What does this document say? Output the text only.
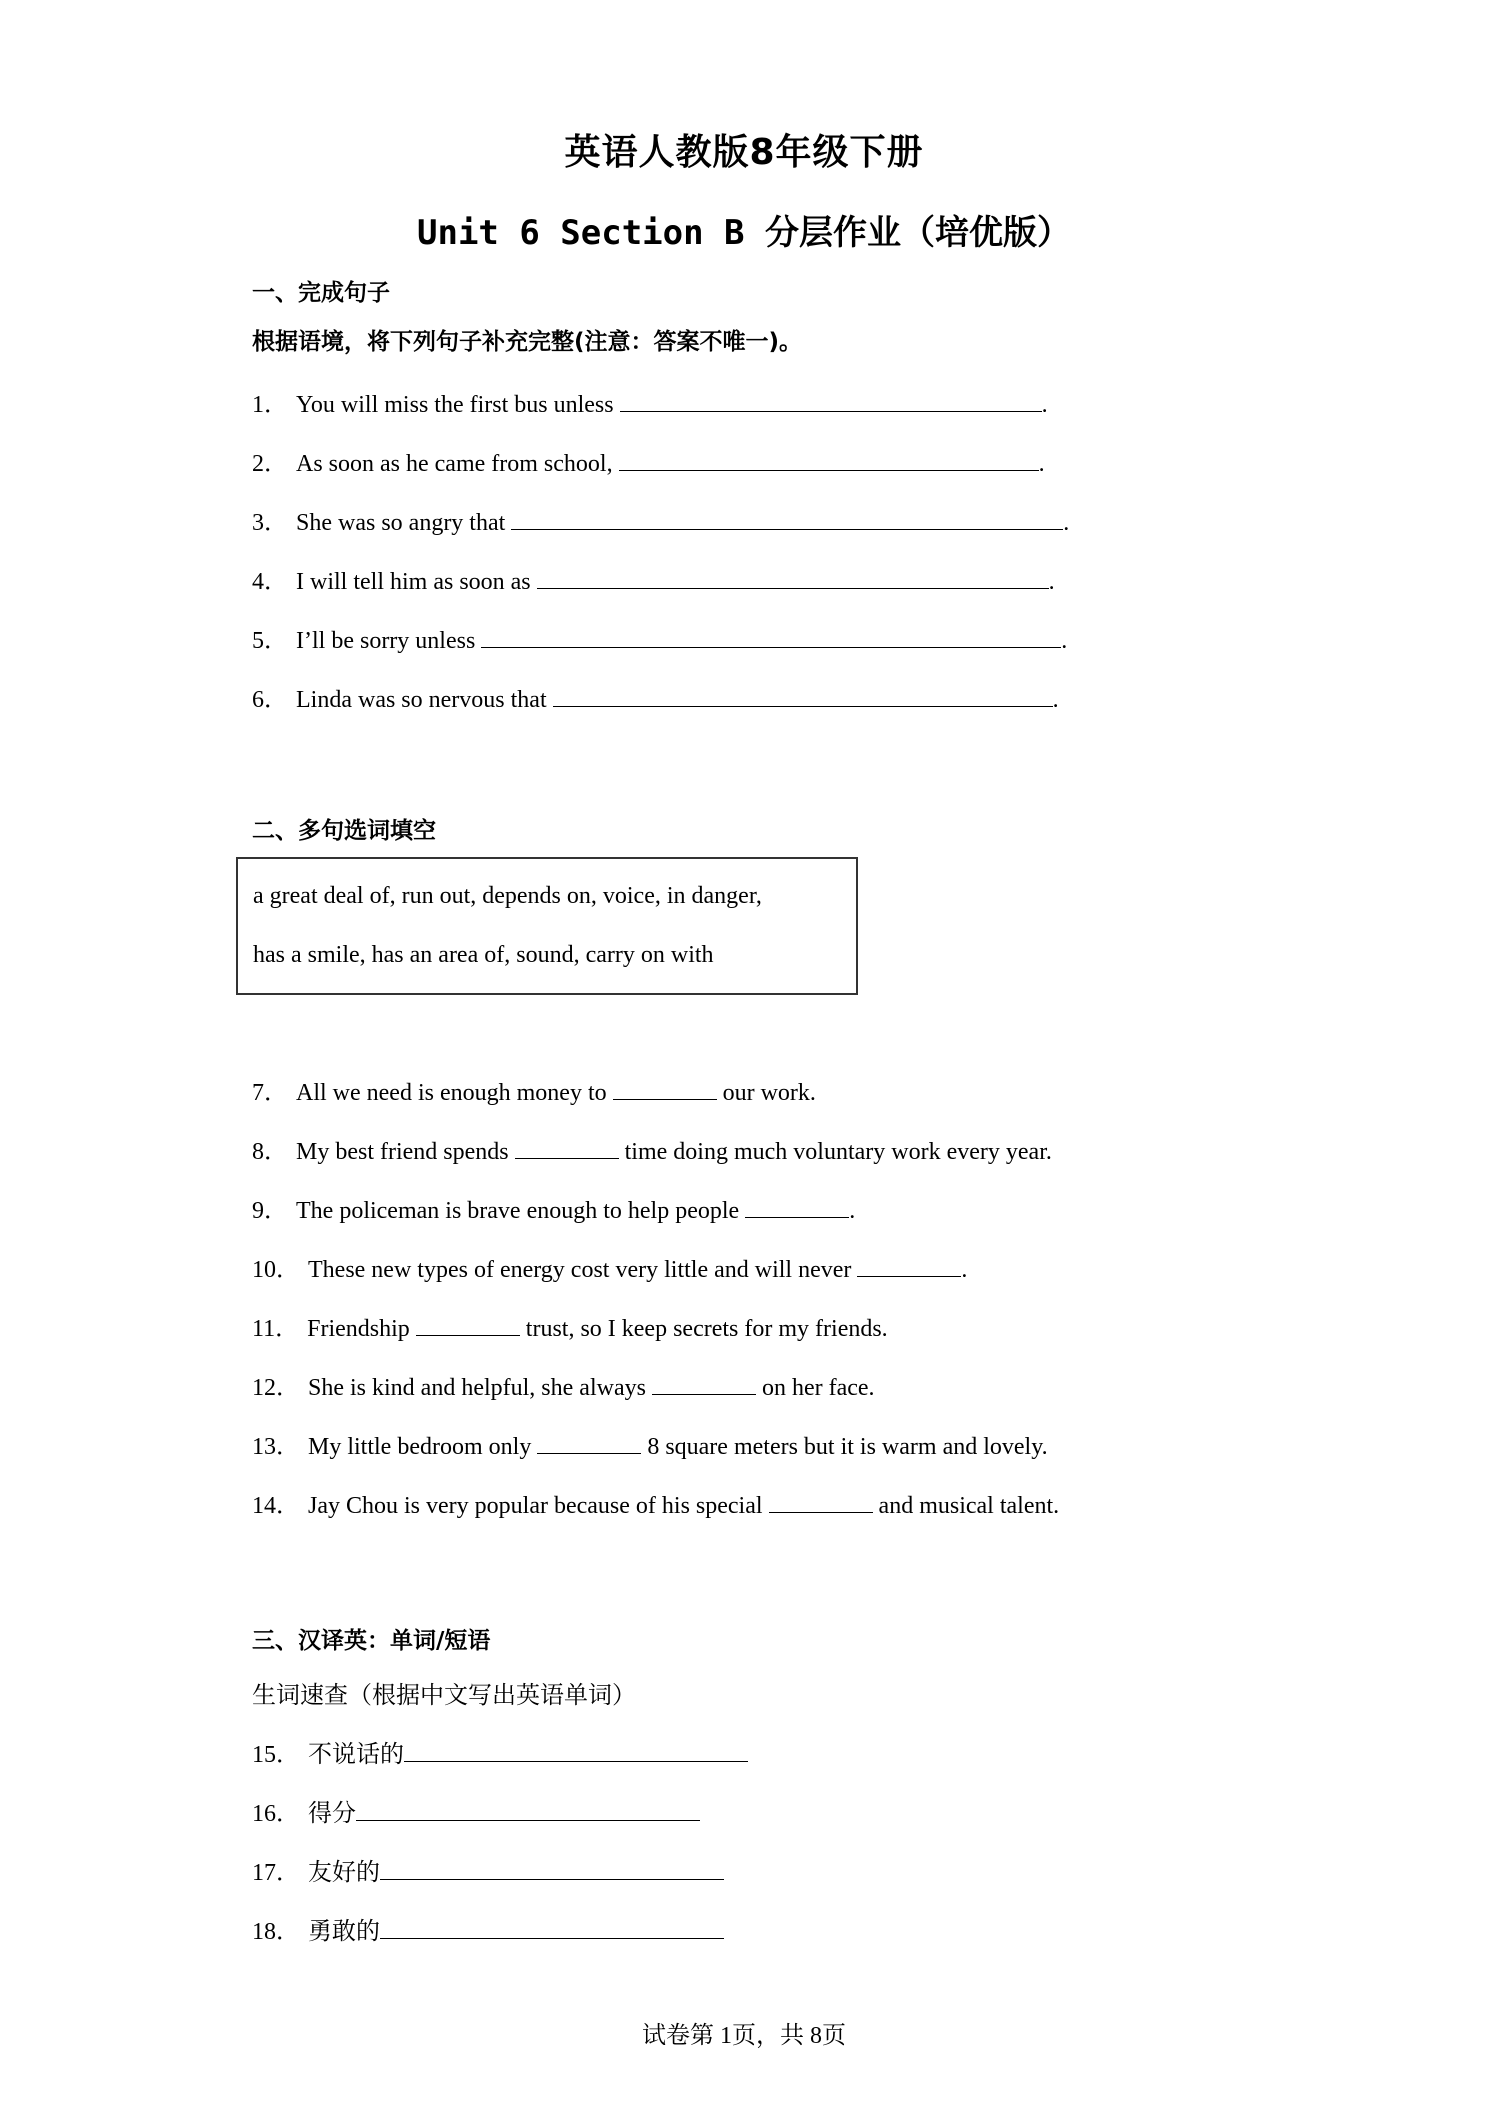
英语人教版8年级下册
Unit 6 Section B 分层作业（培优版）
一、完成句子
根据语境，将下列句子补充完整(注意：答案不唯一)。
1． You will miss the first bus unless	.
2． As soon as he came from school,	.
3． She was so angry that	.
4． I will tell him as soon as	.
5． I’ll be sorry unless	.
6． Linda was so nervous that	.
二、多句选词填空
a great deal of, run out, depends on, voice, in danger,
has a smile, has an area of, sound, carry on with
7． All we need is enough money to	our work.
8． My best friend spends	time doing much voluntary work every year.
9． The policeman is brave enough to help people	.
10． These new types of energy cost very little and will never	.
11． Friendship	trust, so I keep secrets for my friends.
12． She is kind and helpful, she always	on her face.
13． My little bedroom only	8 square meters but it is warm and lovely.
14． Jay Chou is very popular because of his special	and musical talent.
三、汉译英：单词/短语
生词速查（根据中文写出英语单词）
15． 不说话的
16． 得分
17． 友好的
18． 勇敢的
试卷第 1页，共 8页
